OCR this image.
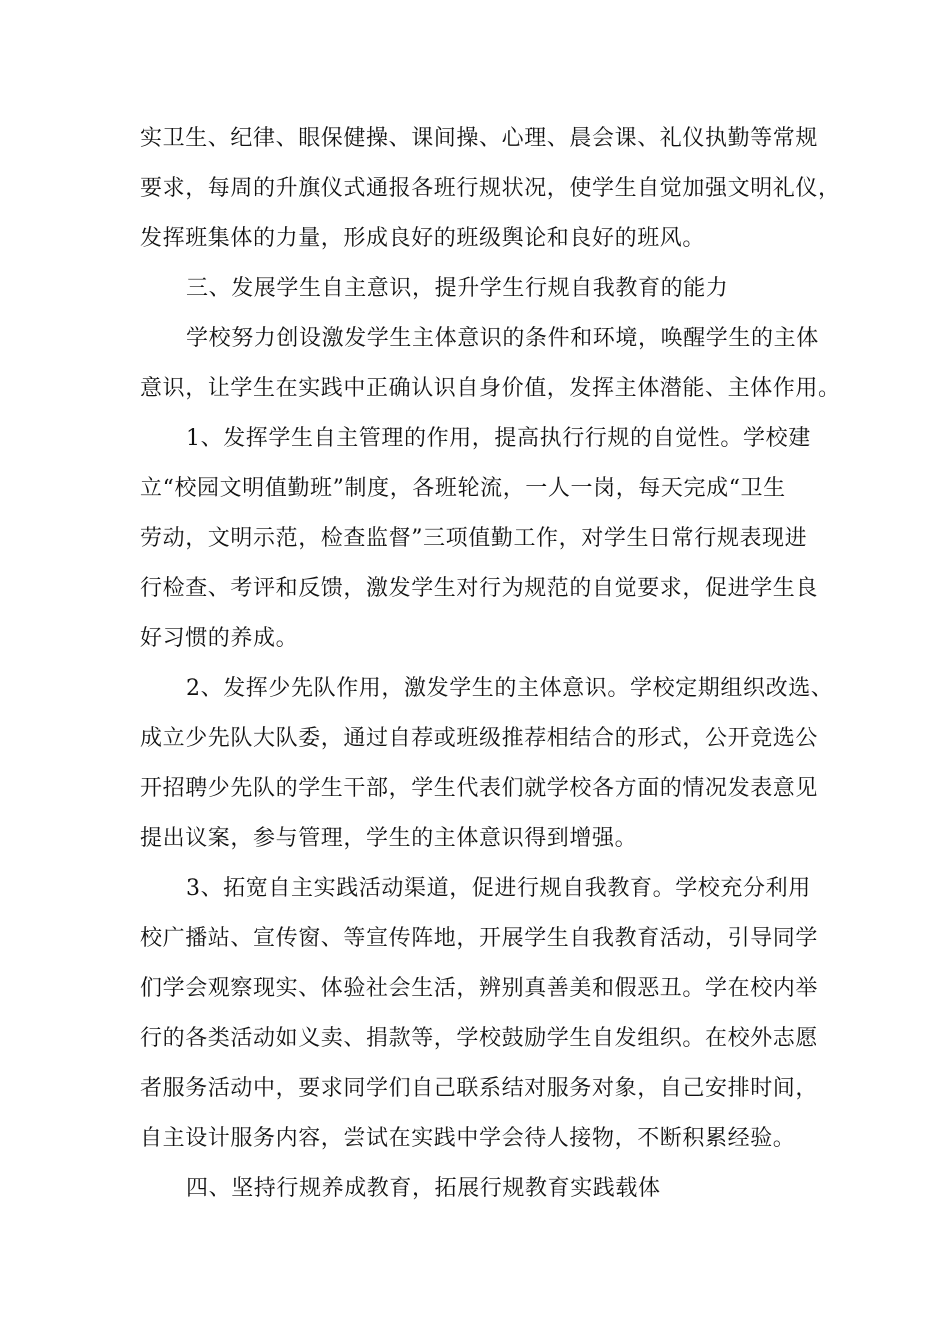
实卫生、纪律、眼保健操、课间操、心理、晨会课、礼仪执勤等常规
要求，每周的升旗仪式通报各班行规状况，使学生自觉加强文明礼仪，
发挥班集体的力量，形成良好的班级舆论和良好的班风。
三、发展学生自主意识，提升学生行规自我教育的能力
学校努力创设激发学生主体意识的条件和环境，唤醒学生的主体
意识，让学生在实践中正确认识自身价值，发挥主体潜能、主体作用。
1、发挥学生自主管理的作用，提高执行行规的自觉性。学校建
立“校园文明值勤班”制度，各班轮流，一人一岗，每天完成“卫生
劳动，文明示范，检查监督”三项值勤工作，对学生日常行规表现进
行检查、考评和反馈，激发学生对行为规范的自觉要求，促进学生良
好习惯的养成。
2、发挥少先队作用，激发学生的主体意识。学校定期组织改选、
成立少先队大队委，通过自荐或班级推荐相结合的形式，公开竞选公
开招聘少先队的学生干部，学生代表们就学校各方面的情况发表意见
提出议案，参与管理，学生的主体意识得到增强。
3、拓宽自主实践活动渠道，促进行规自我教育。学校充分利用
校广播站、宣传窗、等宣传阵地，开展学生自我教育活动，引导同学
们学会观察现实、体验社会生活，辨别真善美和假恶丑。学在校内举
行的各类活动如义卖、捐款等，学校鼓励学生自发组织。在校外志愿
者服务活动中，要求同学们自己联系结对服务对象，自己安排时间，
自主设计服务内容，尝试在实践中学会待人接物，不断积累经验。
四、坚持行规养成教育，拓展行规教育实践载体
